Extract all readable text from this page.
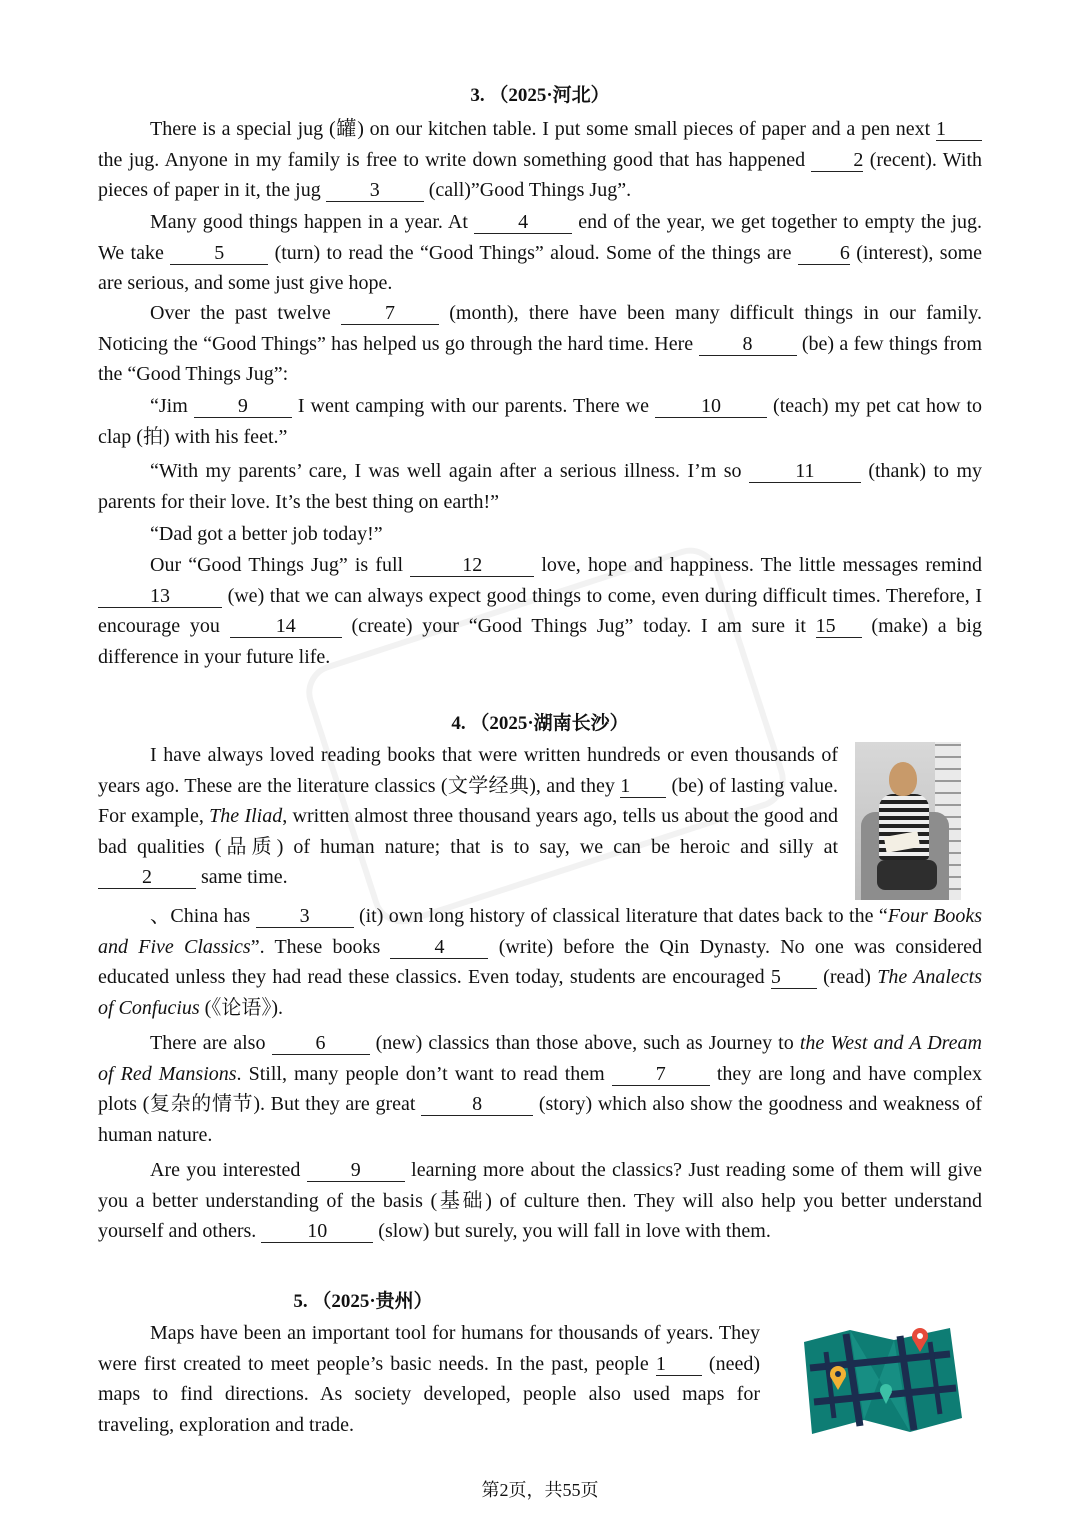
3. （2025·河北）

There is a special jug (罐) on our kitchen table. I put some small pieces of paper and a pen next 1 the jug. Anyone in my family is free to write down something good that has happened 2 (recent). With pieces of paper in it, the jug 3 (call)”Good Things Jug”.

Many good things happen in a year. At 4 end of the year, we get together to empty the jug. We take 5 (turn) to read the “Good Things” aloud. Some of the things are 6 (interest), some are serious, and some just give hope.

Over the past twelve 7 (month), there have been many difficult things in our family. Noticing the “Good Things” has helped us go through the hard time. Here 8 (be) a few things from the “Good Things Jug”:

“Jim 9 I went camping with our parents. There we 10 (teach) my pet cat how to clap (拍) with his feet.”

“With my parents’ care, I was well again after a serious illness. I’m so 11 (thank) to my parents for their love. It’s the best thing on earth!”

“Dad got a better job today!”

Our “Good Things Jug” is full	12	love, hope and happiness. The little messages remind 13	(we) that we can always expect good things to come, even during difficult times. Therefore, I encourage you 14 (create) your “Good Things Jug” today. I am sure it 15 (make) a big difference in your future life.

4. （2025·湖南长沙）

I have always loved reading books that were written hundreds or even thousands of years ago. These are the literature classics (文学经典), and they 1 (be) of lasting value. For example, The Iliad, written almost three thousand years ago, tells us about the good and bad qualities (品质) of human nature; that is to say, we can be heroic and silly at 2 same time.

、China has 3 (it) own long history of classical literature that dates back to the “Four Books and Five Classics”. These books 4 (write) before the Qin Dynasty. No one was considered educated unless they had read these classics. Even today, students are encouraged 5 (read) The Analects of Confucius (《论语》).

There are also 6 (new) classics than those above, such as Journey to the West and A Dream of Red Mansions. Still, many people don’t want to read them 7 they are long and have complex plots (复杂的情节). But they are great	8	(story) which also show the goodness and weakness of human nature.

Are you interested 9 learning more about the classics? Just reading some of them will give you a better understanding of the basis (基础) of culture then. They will also help you better understand yourself and others. 10 (slow) but surely, you will fall in love with them.

5. （2025·贵州）

Maps have been an important tool for humans for thousands of years. They were first created to meet people’s basic needs. In the past, people 1 (need) maps to find directions. As society developed, people also used maps for traveling, exploration and trade.

第2页，共55页
